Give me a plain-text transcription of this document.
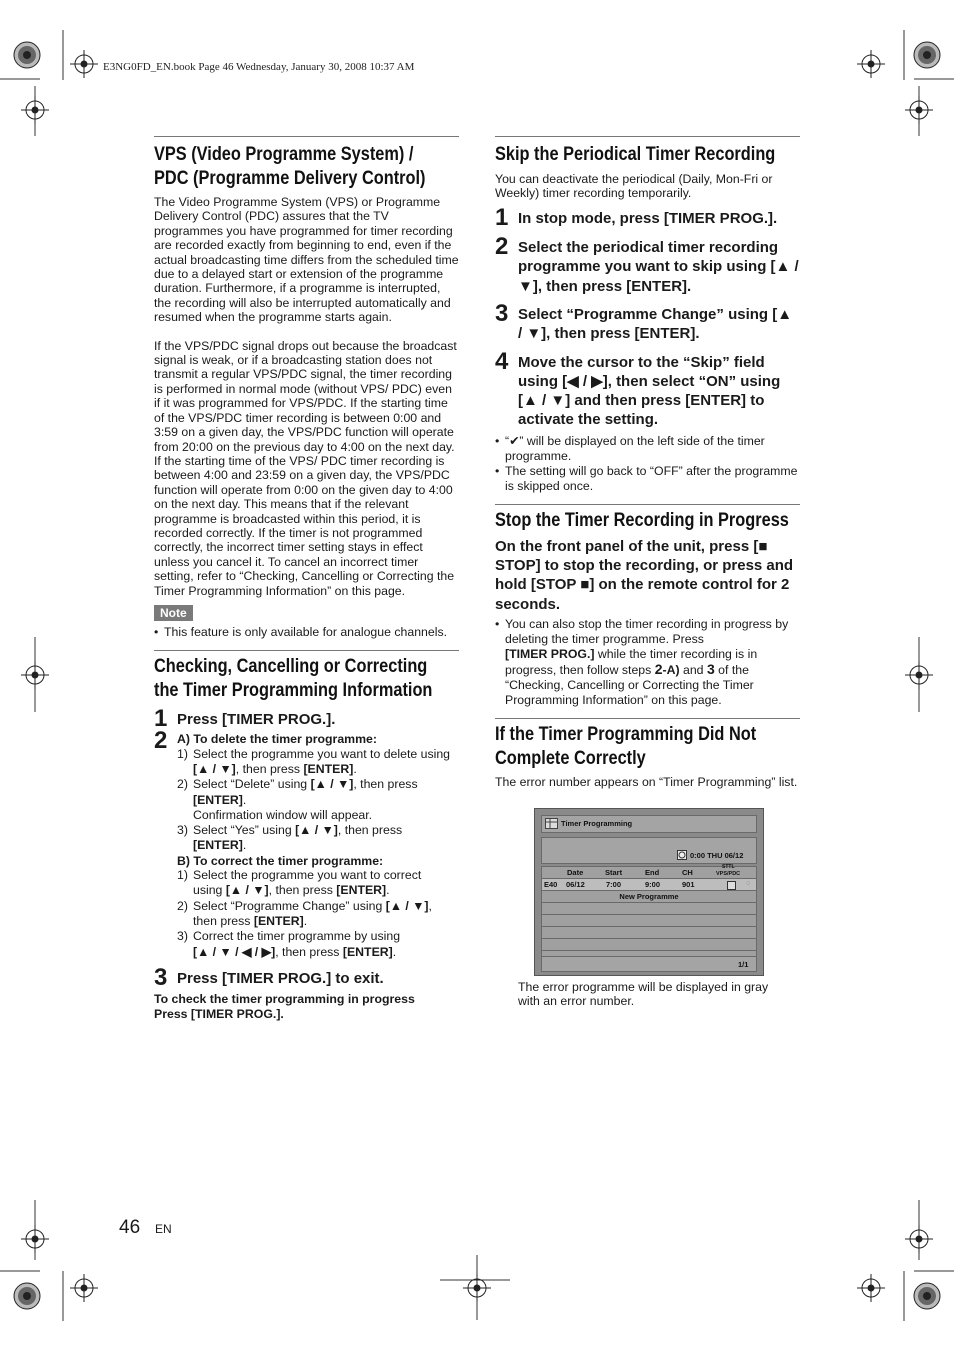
E3NG0FD_EN.book Page 46 Wednesday, January 30, 2008 10:37 AM
VPS (Video Programme System) /
PDC (Programme Delivery Control)
The Video Programme System (VPS) or Programme Delivery Control (PDC) assures that the TV programmes you have programmed for timer recording are recorded exactly from beginning to end, even if the actual broadcasting time differs from the scheduled time due to a delayed start or extension of the programme duration. Furthermore, if a programme is interrupted, the recording will also be interrupted automatically and resumed when the programme starts again.
If the VPS/PDC signal drops out because the broadcast signal is weak, or if a broadcasting station does not transmit a regular VPS/PDC signal, the timer recording is performed in normal mode (without VPS/ PDC) even if it was programmed for VPS/PDC. If the starting time of the VPS/PDC timer recording is between 0:00 and 3:59 on a given day, the VPS/PDC function will operate from 20:00 on the previous day to 4:00 on the next day. If the starting time of the VPS/ PDC timer recording is between 4:00 and 23:59 on a given day, the VPS/PDC function will operate from 0:00 on the given day to 4:00 on the next day. This means that if the relevant programme is broadcasted within this period, it is recorded correctly. If the timer is not programmed correctly, the incorrect timer setting stays in effect unless you cancel it. To cancel an incorrect timer setting, refer to “Checking, Cancelling or Correcting the Timer Programming Information” on this page.
Note
• This feature is only available for analogue channels.
Checking, Cancelling or Correcting
the Timer Programming Information
1 Press [TIMER PROG.].
2 A) To delete the timer programme:
1) Select the programme you want to delete using
[▲ / ▼], then press [ENTER].
2) Select “Delete” using [▲ / ▼], then press
[ENTER].
Confirmation window will appear.
3) Select “Yes” using [▲ / ▼], then press
[ENTER].
B) To correct the timer programme:
1) Select the programme you want to correct
using [▲ / ▼], then press [ENTER].
2) Select “Programme Change” using [▲ / ▼],
then press [ENTER].
3) Correct the timer programme by using
[▲ / ▼ / ◀ / ▶], then press [ENTER].
3 Press [TIMER PROG.] to exit.
To check the timer programming in progress
Press [TIMER PROG.].
46 EN
Skip the Periodical Timer Recording
You can deactivate the periodical (Daily, Mon-Fri or Weekly) timer recording temporarily.
1 In stop mode, press [TIMER PROG.].
2 Select the periodical timer recording programme you want to skip using [▲ / ▼], then press [ENTER].
3 Select “Programme Change” using [▲ / ▼], then press [ENTER].
4 Move the cursor to the “Skip” field using [◀ / ▶], then select “ON” using [▲ / ▼] and then press [ENTER] to activate the setting.
• “✔” will be displayed on the left side of the timer programme.
• The setting will go back to “OFF” after the programme is skipped once.
Stop the Timer Recording in Progress
On the front panel of the unit, press [■ STOP] to stop the recording, or press and hold [STOP ■] on the remote control for 2 seconds.
• You can also stop the timer recording in progress by deleting the timer programme. Press
[TIMER PROG.] while the timer recording is in progress, then follow steps 2-A) and 3 of the “Checking, Cancelling or Correcting the Timer Programming Information” on this page.
If the Timer Programming Did Not
Complete Correctly
The error number appears on “Timer Programming” list.
Timer Programming
0:00 THU 06/12
Date	Start	End	CH
STTL
VPS/PDC
E40 06/12	7:00	9:00	901	◌
New Programme
1/1
The error programme will be displayed in gray with an error number.
